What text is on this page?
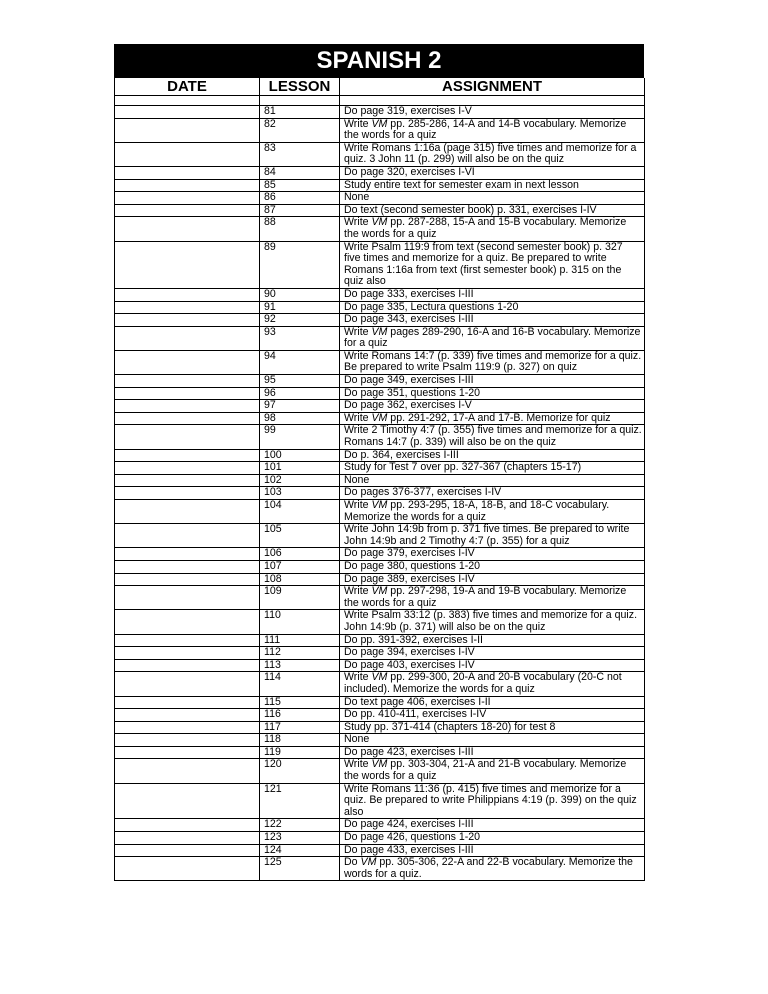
SPANISH 2
DATE	LESSON	ASSIGNMENT

	81	Do page 319, exercises I-V
	82	Write VM pp. 285-286, 14-A and 14-B vocabulary. Memorize the words for a quiz
	83	Write Romans 1:16a (page 315) five times and memorize for a quiz. 3 John 11 (p. 299) will also be on the quiz
	84	Do page 320, exercises I-VI
	85	Study entire text for semester exam in next lesson
	86	None
	87	Do text (second semester book) p. 331, exercises I-IV
	88	Write VM pp. 287-288, 15-A and 15-B vocabulary. Memorize the words for a quiz
	89	Write Psalm 119:9 from text (second semester book) p. 327 five times and memorize for a quiz. Be prepared to write Romans 1:16a from text (first semester book) p. 315 on the quiz also
	90	Do page 333, exercises I-III
	91	Do page 335, Lectura questions 1-20
	92	Do page 343, exercises I-III
	93	Write VM pages 289-290, 16-A and 16-B vocabulary. Memorize for a quiz
	94	Write Romans 14:7 (p. 339) five times and memorize for a quiz. Be prepared to write Psalm 119:9 (p. 327) on quiz
	95	Do page 349, exercises I-III
	96	Do page 351, questions 1-20
	97	Do page 362, exercises I-V
	98	Write VM pp. 291-292, 17-A and 17-B. Memorize for quiz
	99	Write 2 Timothy 4:7 (p. 355) five times and memorize for a quiz. Romans 14:7 (p. 339) will also be on the quiz
	100	Do p. 364, exercises I-III
	101	Study for Test 7 over pp. 327-367 (chapters 15-17)
	102	None
	103	Do pages 376-377, exercises I-IV
	104	Write VM pp. 293-295, 18-A, 18-B, and 18-C vocabulary. Memorize the words for a quiz
	105	Write John 14:9b from p. 371 five times. Be prepared to write John 14:9b and 2 Timothy 4:7 (p. 355) for a quiz
	106	Do page 379, exercises I-IV
	107	Do page 380, questions 1-20
	108	Do page 389, exercises I-IV
	109	Write VM pp. 297-298, 19-A and 19-B vocabulary. Memorize the words for a quiz
	110	Write Psalm 33:12 (p. 383) five times and memorize for a quiz. John 14:9b (p. 371) will also be on the quiz
	111	Do pp. 391-392, exercises I-II
	112	Do page 394, exercises I-IV
	113	Do page 403, exercises I-IV
	114	Write VM pp. 299-300, 20-A and 20-B vocabulary (20-C not included). Memorize the words for a quiz
	115	Do text page 406, exercises I-II
	116	Do pp. 410-411, exercises I-IV
	117	Study pp. 371-414 (chapters 18-20) for test 8
	118	None
	119	Do page 423, exercises I-III
	120	Write VM pp. 303-304, 21-A and 21-B vocabulary. Memorize the words for a quiz
	121	Write Romans 11:36 (p. 415) five times and memorize for a quiz. Be prepared to write Philippians 4:19 (p. 399) on the quiz also
	122	Do page 424, exercises I-III
	123	Do page 426, questions 1-20
	124	Do page 433, exercises I-III
	125	Do VM pp. 305-306, 22-A and 22-B vocabulary. Memorize the words for a quiz.
